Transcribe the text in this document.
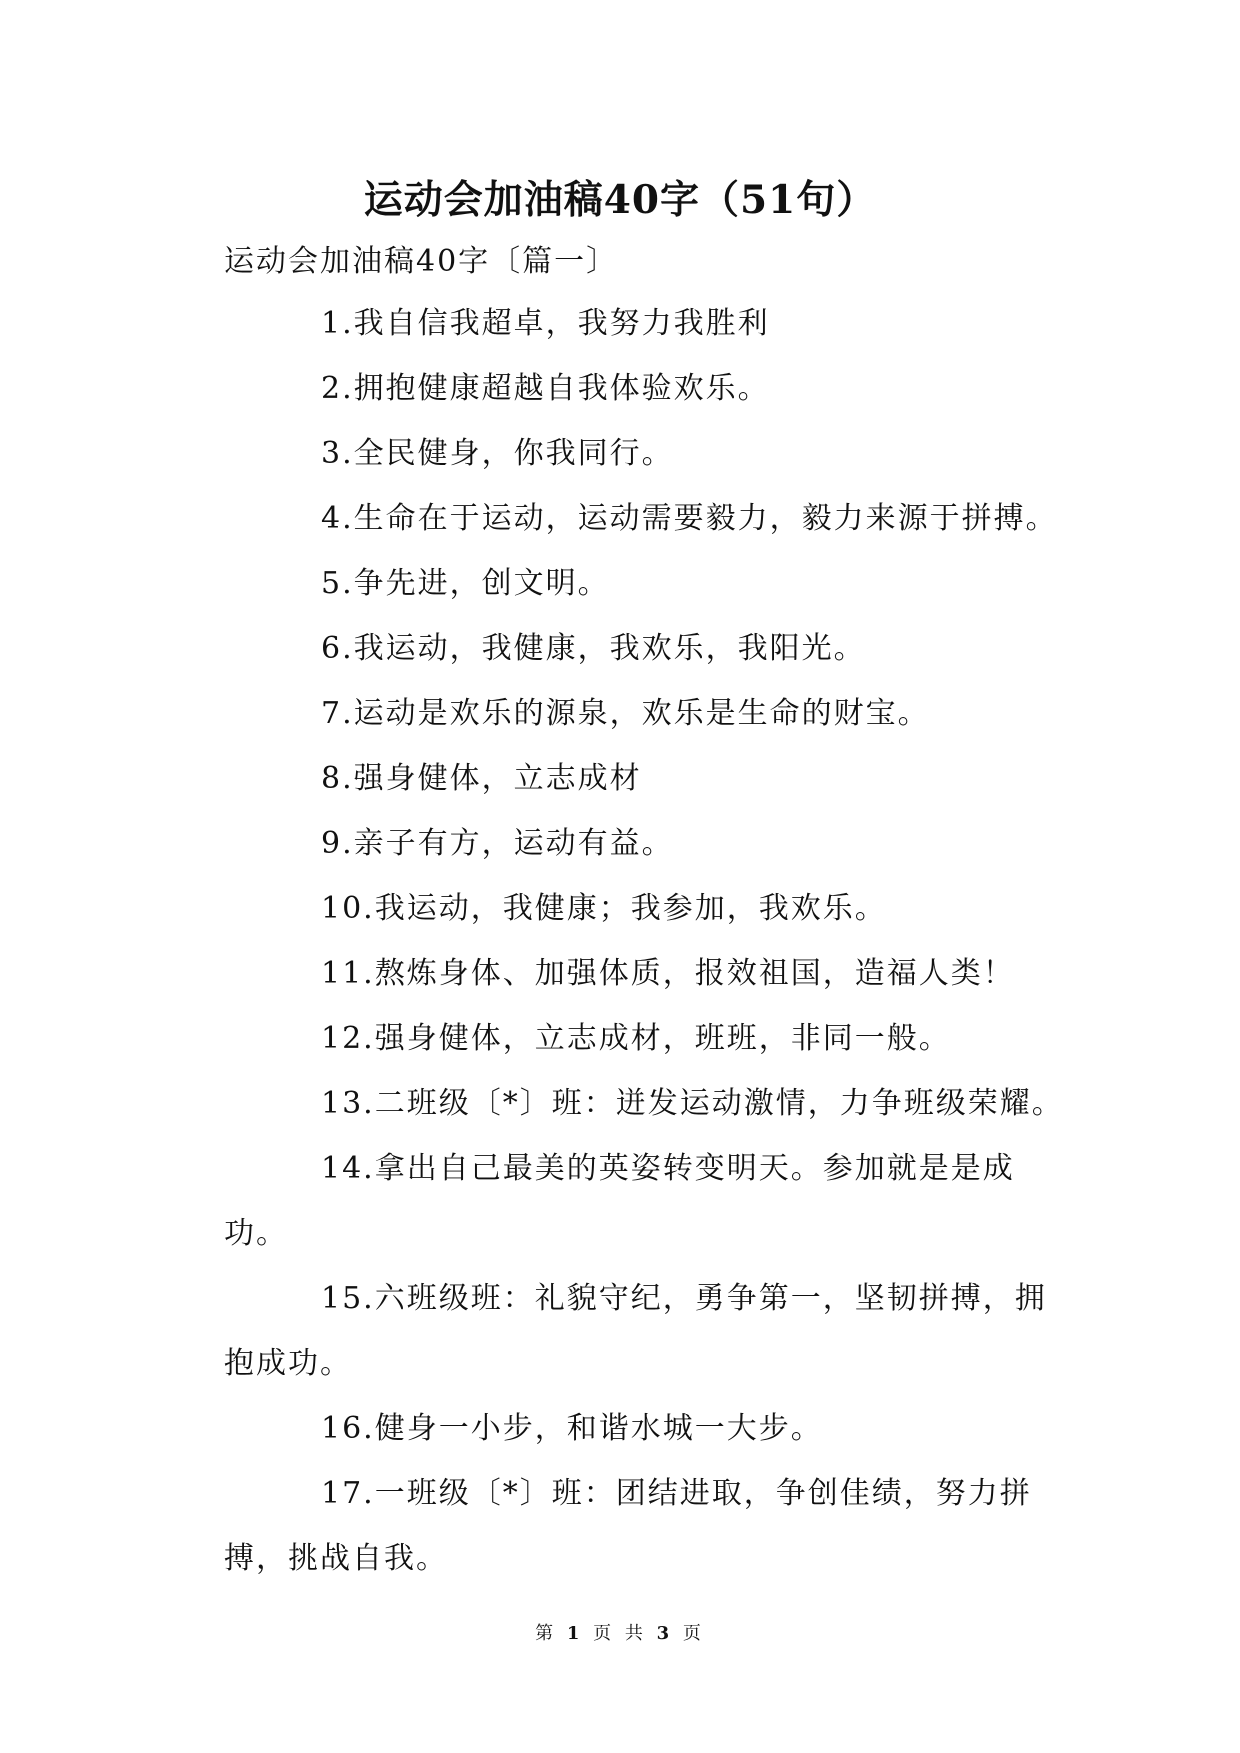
运动会加油稿40字（51句）
运动会加油稿40字〔篇一〕
1.我自信我超卓，我努力我胜利
2.拥抱健康超越自我体验欢乐。
3.全民健身，你我同行。
4.生命在于运动，运动需要毅力，毅力来源于拼搏。
5.争先进，创文明。
6.我运动，我健康，我欢乐，我阳光。
7.运动是欢乐的源泉，欢乐是生命的财宝。
8.强身健体，立志成材
9.亲子有方，运动有益。
10.我运动，我健康；我参加，我欢乐。
11.熬炼身体、加强体质，报效祖国，造福人类！
12.强身健体，立志成材，班班，非同一般。
13.二班级〔*〕班：迸发运动激情，力争班级荣耀。
14.拿出自己最美的英姿转变明天。参加就是是成
功。
15.六班级班：礼貌守纪，勇争第一，坚韧拼搏，拥
抱成功。
16.健身一小步，和谐水城一大步。
17.一班级〔*〕班：团结进取，争创佳绩，努力拼
搏，挑战自我。
第 1 页 共 3 页
